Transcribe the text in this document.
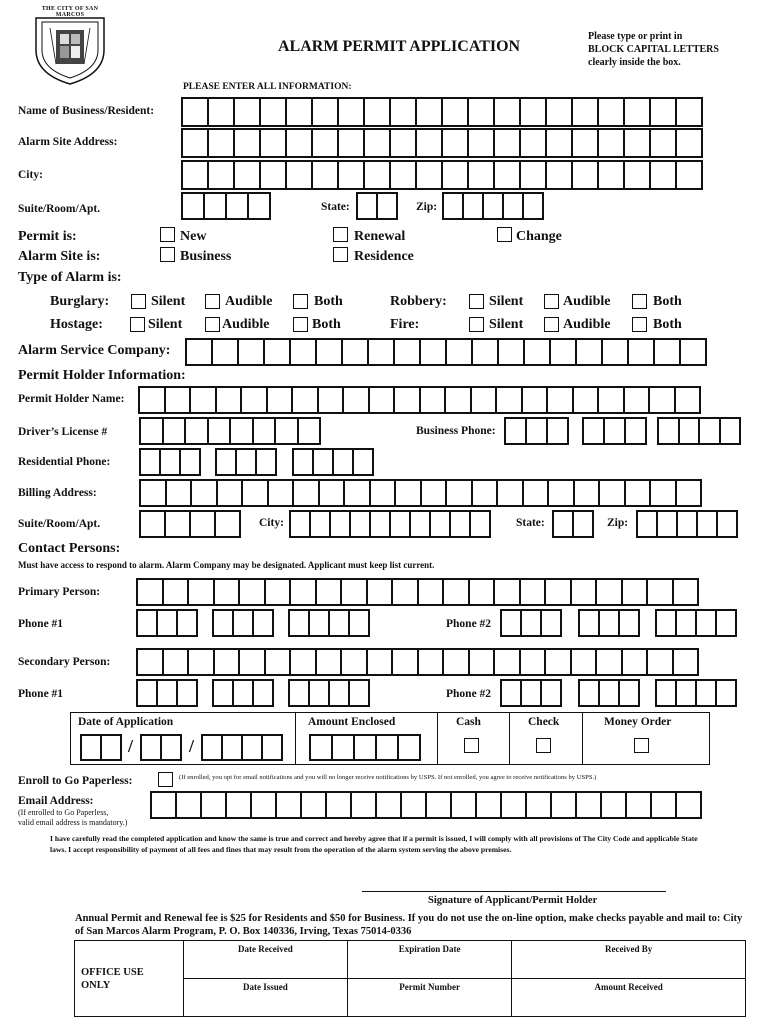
THE CITY OF SAN MARCOS
ALARM PERMIT APPLICATION
Please type or print in
BLOCK CAPITAL LETTERS
clearly inside the box.
PLEASE ENTER ALL INFORMATION:
Name of Business/Resident:
Alarm Site Address:
City:
Suite/Room/Apt.	State:	Zip:
Permit is:	New	Renewal	Change
Alarm Site is:	Business	Residence
Type of Alarm is:
Burglary:	Silent	Audible	Both	Robbery:	Silent	Audible	Both
Hostage:	Silent	Audible	Both	Fire:	Silent	Audible	Both
Alarm Service Company:
Permit Holder Information:
Permit Holder Name:
Driver’s License #	Business Phone:
Residential Phone:
Billing Address:
Suite/Room/Apt.	City:	State:	Zip:
Contact Persons:
Must have access to respond to alarm. Alarm Company may be designated. Applicant must keep list current.
Primary Person:
Phone #1	Phone #2
Secondary Person:
Phone #1	Phone #2
Date of Application	Amount Enclosed	Cash	Check	Money Order
/	/
Enroll to Go Paperless:	(If enrolled, you opt for email notifications and you will no longer receive notifications by USPS. If not enrolled, you agree to receive notifications by USPS.)
Email Address:
(If enrolled to Go Paperless,
valid email address is mandatory.)
I have carefully read the completed application and know the same is true and correct and hereby agree that if a permit is issued, I will comply with all provisions of The City Code and applicable State laws. I accept responsibility of payment of all fees and fines that may result from the operation of the alarm system serving the above premises.
Signature of Applicant/Permit Holder
Annual Permit and Renewal fee is $25 for Residents and $50 for Business. If you do not use the on-line option, make checks payable and mail to: City of San Marcos Alarm Program, P. O. Box 140336, Irving, Texas 75014-0336
OFFICE USE ONLY	Date Received	Expiration Date	Received By
	Date Issued	Permit Number	Amount Received
